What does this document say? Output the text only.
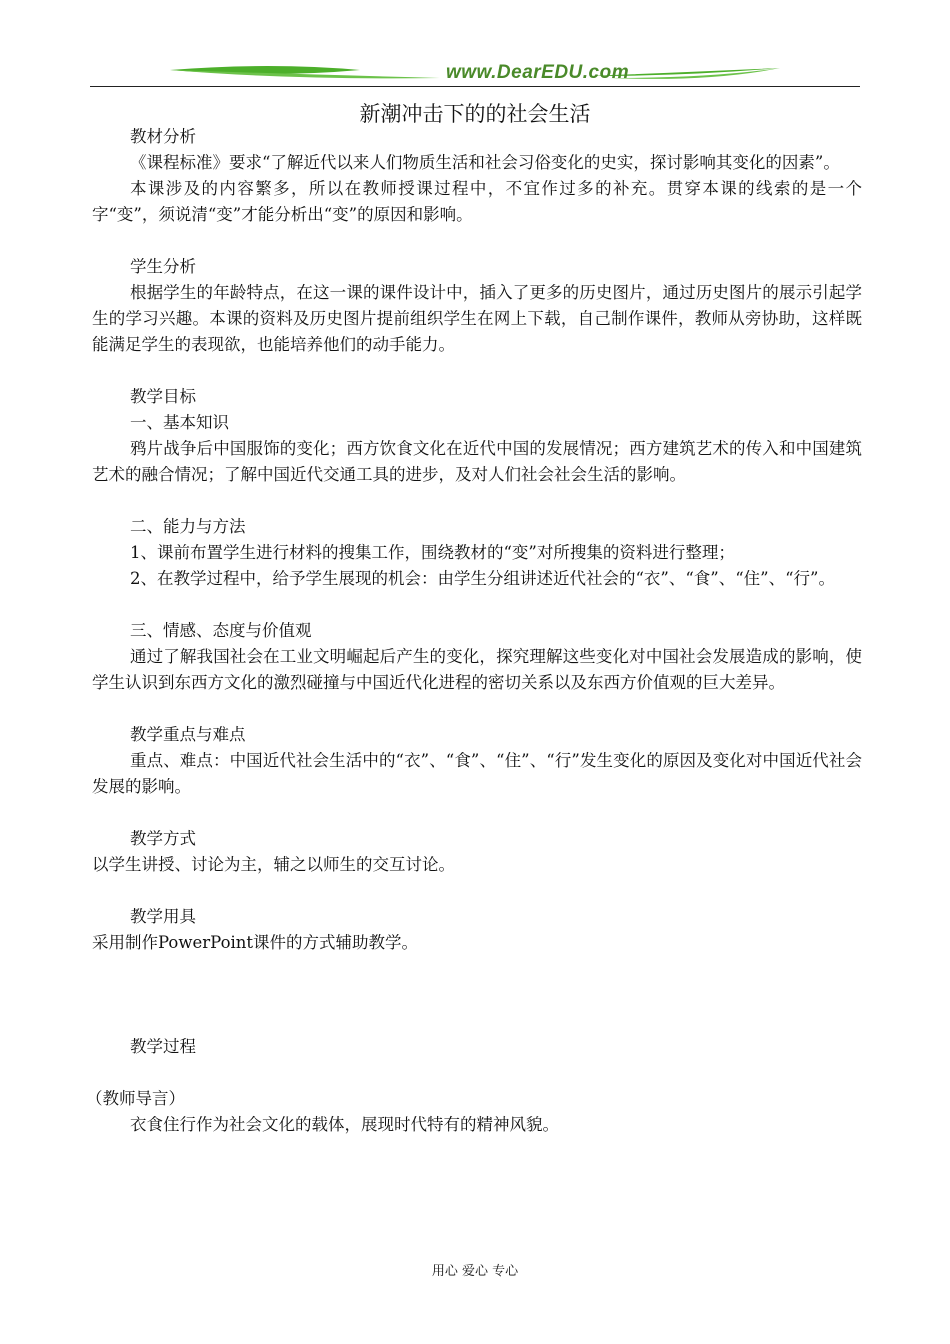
www.DearEDU.com
新潮冲击下的的社会生活

教材分析

《课程标准》要求“了解近代以来人们物质生活和社会习俗变化的史实，探讨影响其变化的因素”。

本课涉及的内容繁多，所以在教师授课过程中，不宜作过多的补充。贯穿本课的线索的是一个字“变”，须说清“变”才能分析出“变”的原因和影响。

学生分析

根据学生的年龄特点，在这一课的课件设计中，插入了更多的历史图片，通过历史图片的展示引起学生的学习兴趣。本课的资料及历史图片提前组织学生在网上下载，自己制作课件，教师从旁协助，这样既能满足学生的表现欲，也能培养他们的动手能力。

教学目标

一、基本知识

鸦片战争后中国服饰的变化；西方饮食文化在近代中国的发展情况；西方建筑艺术的传入和中国建筑艺术的融合情况；了解中国近代交通工具的进步，及对人们社会社会生活的影响。

二、能力与方法

1、课前布置学生进行材料的搜集工作，围绕教材的“变”对所搜集的资料进行整理；

2、在教学过程中，给予学生展现的机会：由学生分组讲述近代社会的“衣”、“食”、“住”、“行”。

三、情感、态度与价值观

通过了解我国社会在工业文明崛起后产生的变化，探究理解这些变化对中国社会发展造成的影响，使学生认识到东西方文化的激烈碰撞与中国近代化进程的密切关系以及东西方价值观的巨大差异。

教学重点与难点

重点、难点：中国近代社会生活中的“衣”、“食”、“住”、“行”发生变化的原因及变化对中国近代社会发展的影响。

教学方式

以学生讲授、讨论为主，辅之以师生的交互讨论。

教学用具

采用制作PowerPoint课件的方式辅助教学。

教学过程

（教师导言）

衣食住行作为社会文化的载体，展现时代特有的精神风貌。

用心 爱心 专心
